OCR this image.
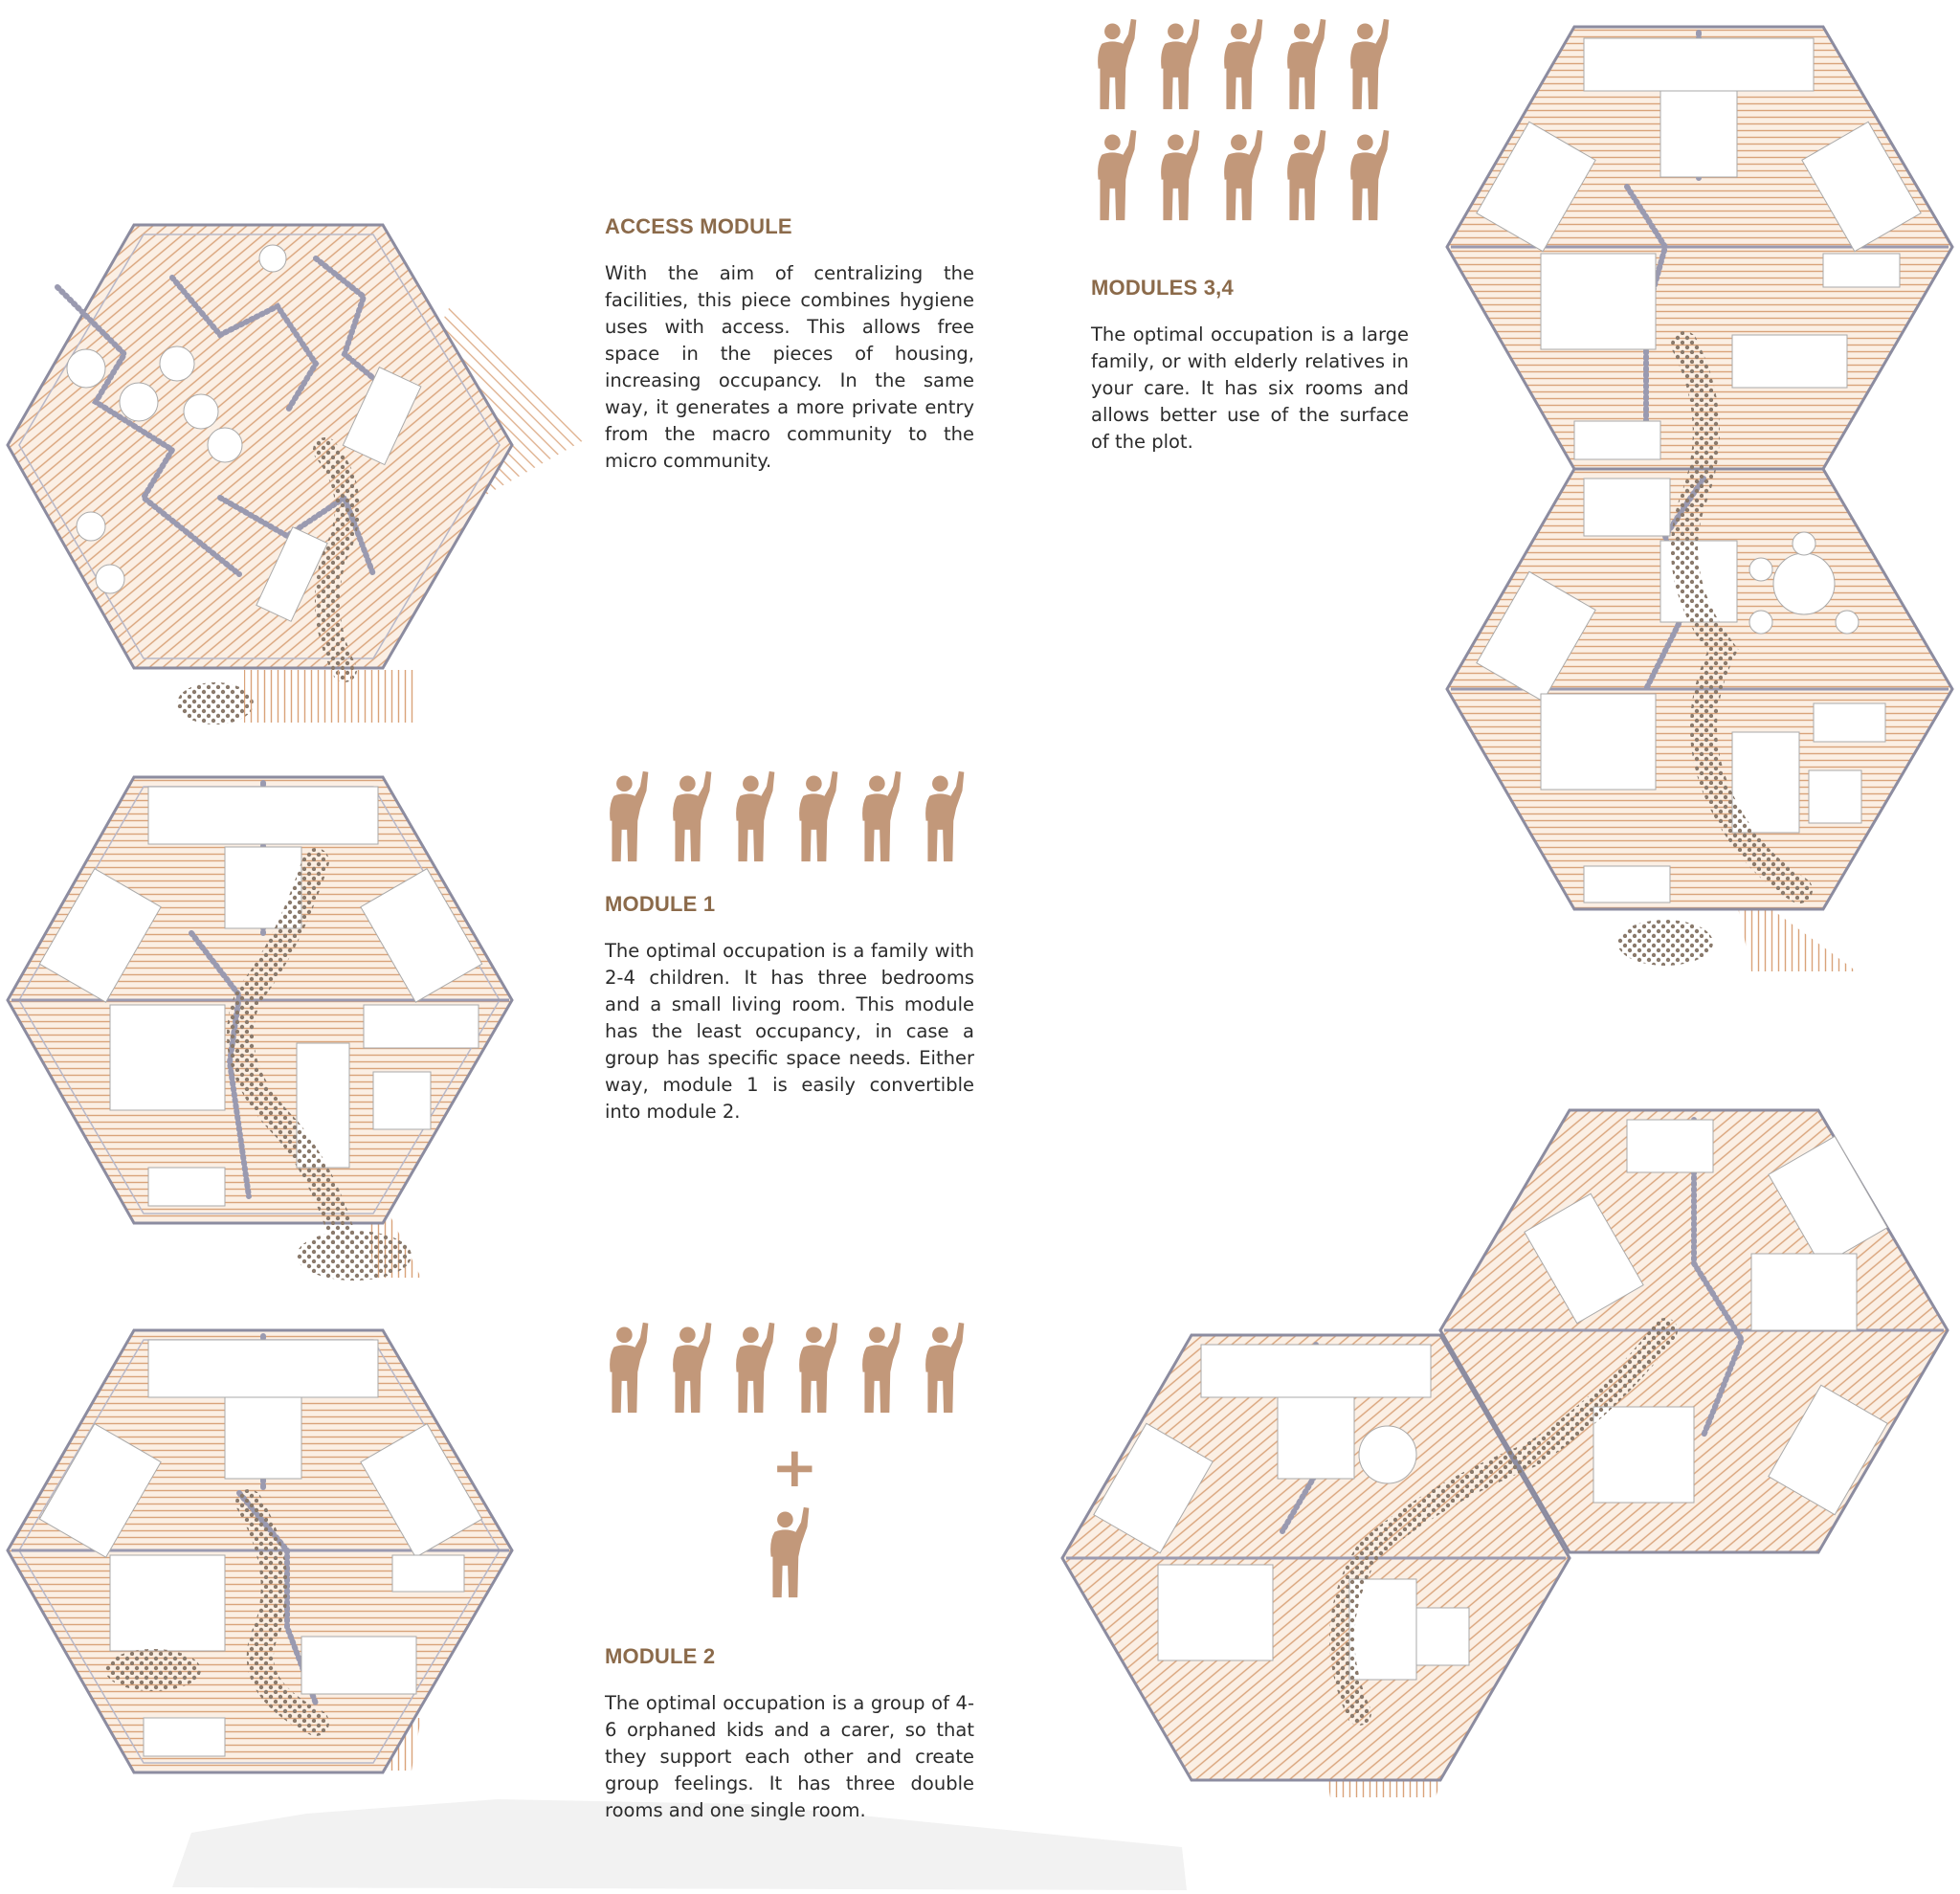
ACCESS MODULE

With the aim of centralizing the facilities, this piece combines hygiene uses with access. This allows free space in the pieces of housing, increasing occupancy. In the same way, it generates a more private entry from the macro community to the micro community.

MODULES 3,4

The optimal occupation is a large family, or with elderly relatives in your care. It has six rooms and allows better use of the surface of the plot.

MODULE 1

The optimal occupation is a family with 2-4 children. It has three bedrooms and a small living room. This module has the least occupancy, in case a group has specific space needs. Either way, module 1 is easily convertible into module 2.

+
MODULE 2

The optimal occupation is a group of 4-6 orphaned kids and a carer, so that they support each other and create group feelings. It has three double rooms and one single room.
